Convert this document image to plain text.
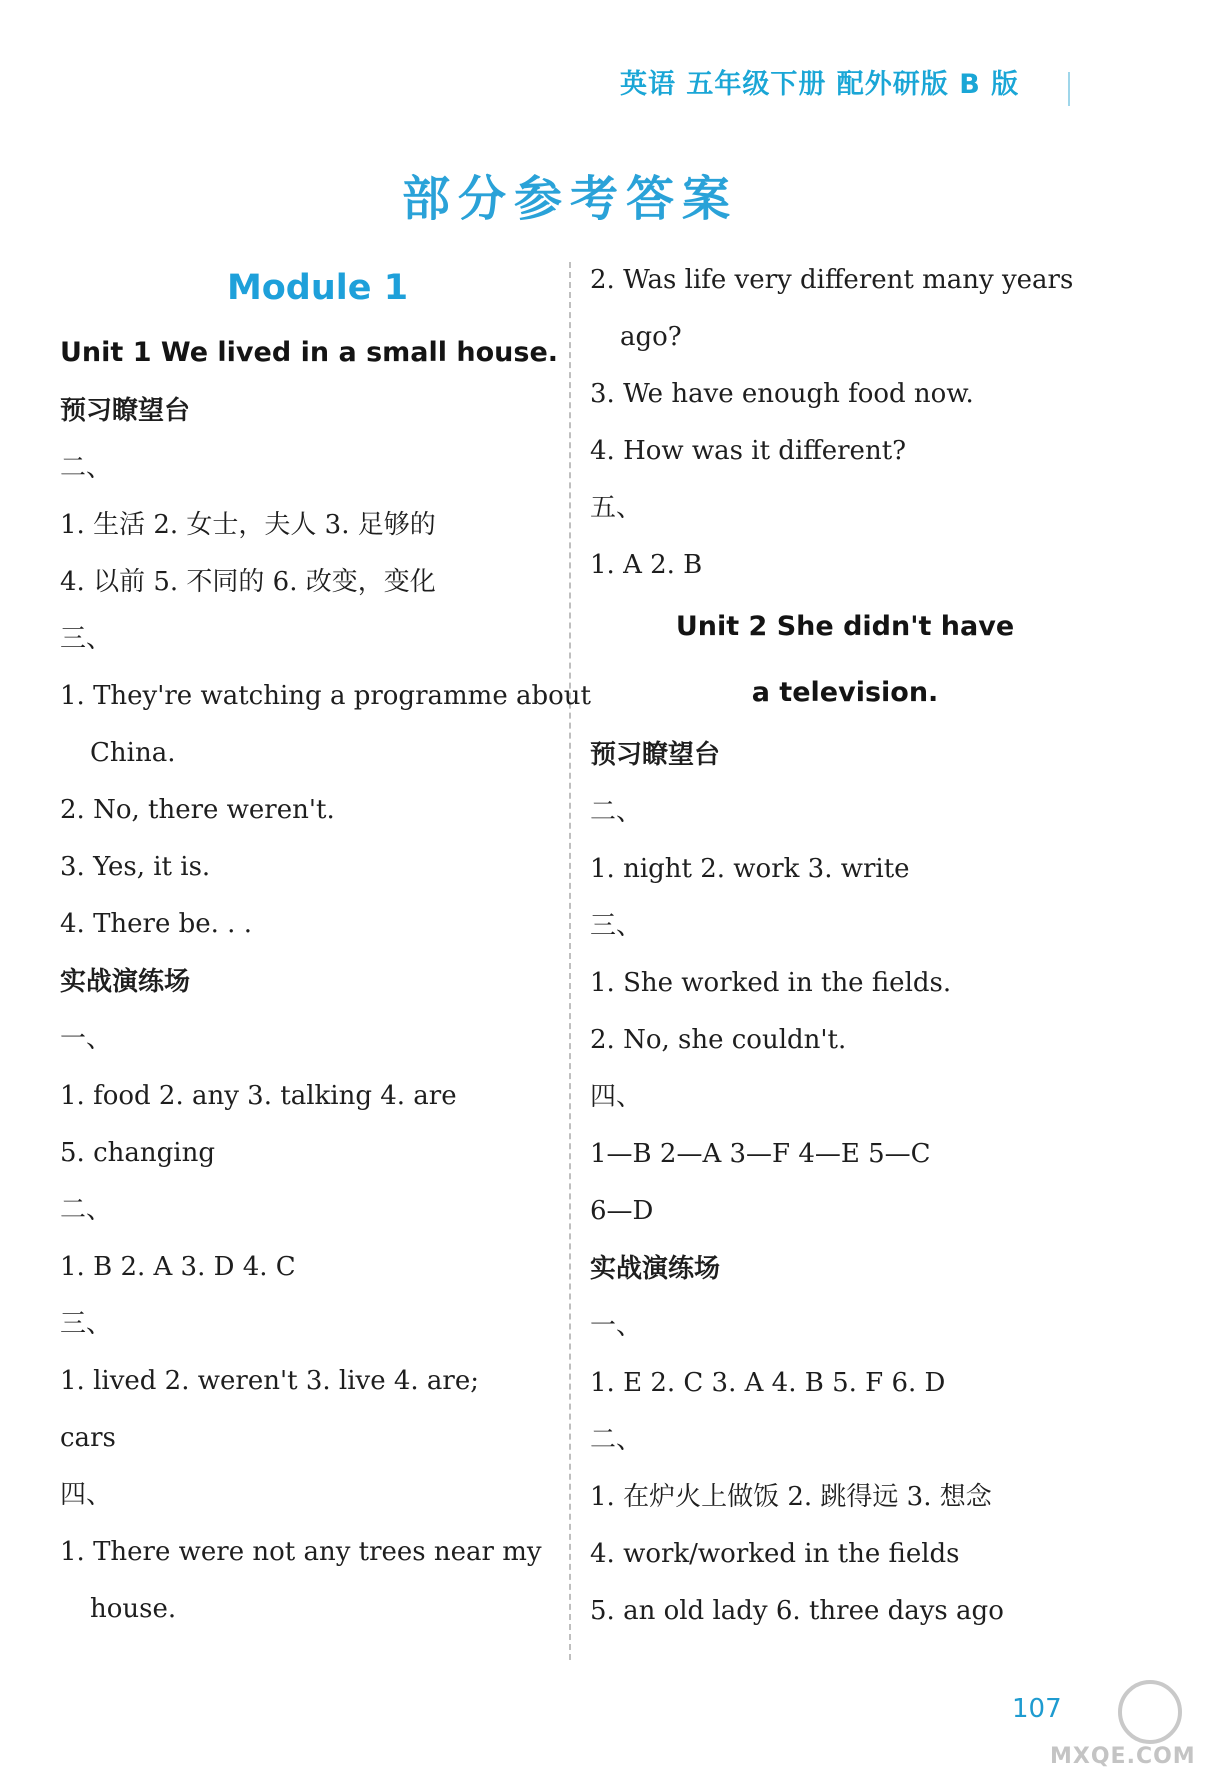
英语 五年级下册 配外研版 B 版
部分参考答案
Module 1
Unit 1 We lived in a small house.
预习瞭望台
二、
1. 生活 2. 女士，夫人 3. 足够的
4. 以前 5. 不同的 6. 改变，变化
三、
1. They're watching a programme about
China.
2. No, there weren't.
3. Yes, it is.
4. There be. . .
实战演练场
一、
1. food 2. any 3. talking 4. are
5. changing
二、
1. B 2. A 3. D 4. C
三、
1. lived 2. weren't 3. live 4. are;
cars
四、
1. There were not any trees near my
house.
2. Was life very different many years
ago?
3. We have enough food now.
4. How was it different?
五、
1. A 2. B
Unit 2 She didn't have
a television.
预习瞭望台
二、
1. night 2. work 3. write
三、
1. She worked in the fields.
2. No, she couldn't.
四、
1—B 2—A 3—F 4—E 5—C
6—D
实战演练场
一、
1. E 2. C 3. A 4. B 5. F 6. D
二、
1. 在炉火上做饭 2. 跳得远 3. 想念
4. work/worked in the fields
5. an old lady 6. three days ago
107
MXQE.COM
